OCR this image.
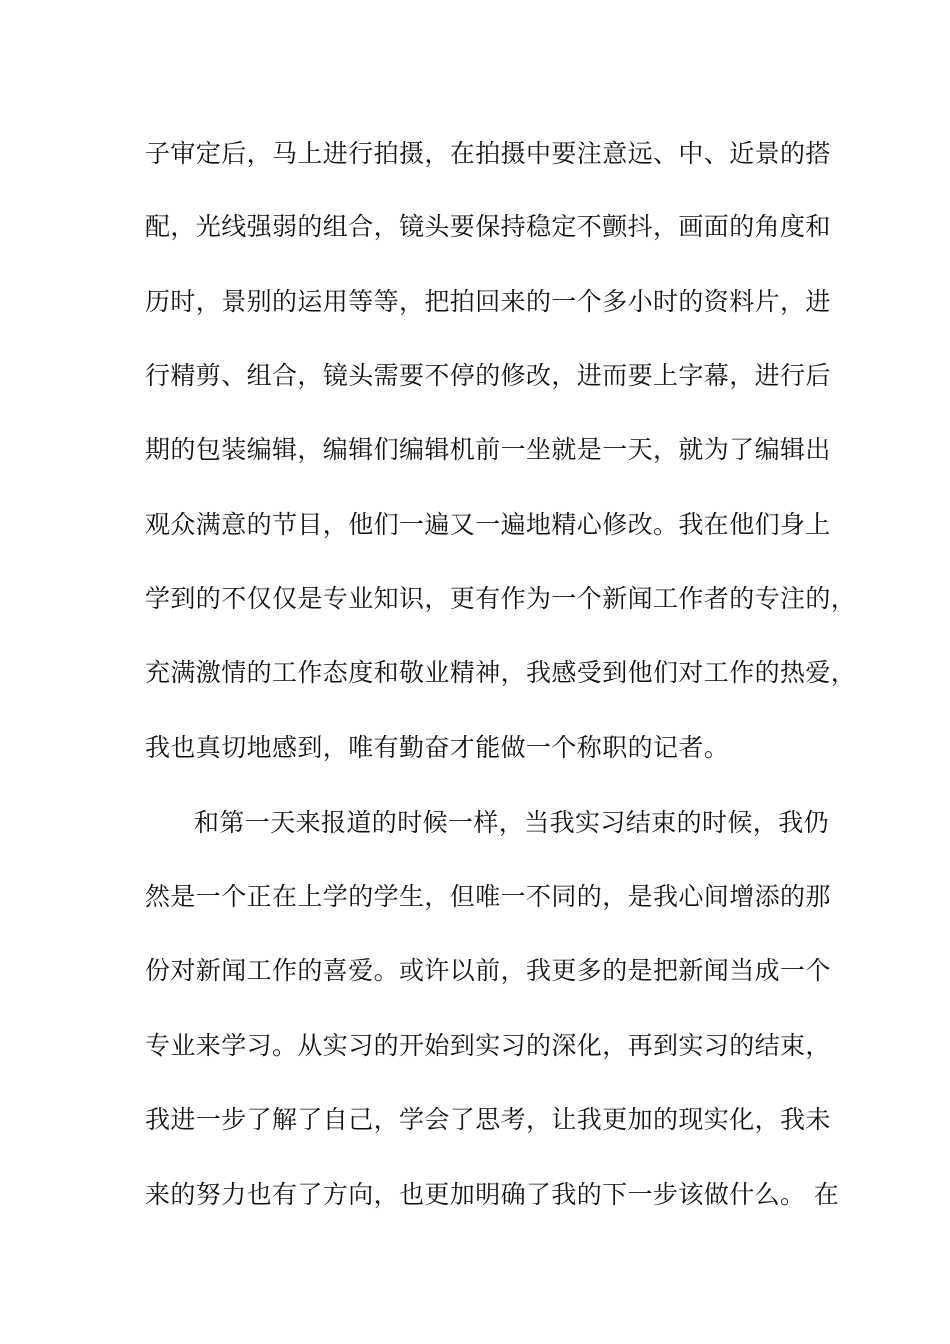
子审定后，马上进行拍摄，在拍摄中要注意远、中、近景的搭
配，光线强弱的组合，镜头要保持稳定不颤抖，画面的角度和
历时，景别的运用等等，把拍回来的一个多小时的资料片，进
行精剪、组合，镜头需要不停的修改，进而要上字幕，进行后
期的包装编辑，编辑们编辑机前一坐就是一天，就为了编辑出
观众满意的节目，他们一遍又一遍地精心修改。我在他们身上
学到的不仅仅是专业知识，更有作为一个新闻工作者的专注的，
充满激情的工作态度和敬业精神，我感受到他们对工作的热爱，
我也真切地感到，唯有勤奋才能做一个称职的记者。
和第一天来报道的时候一样，当我实习结束的时候，我仍
然是一个正在上学的学生，但唯一不同的，是我心间增添的那
份对新闻工作的喜爱。或许以前，我更多的是把新闻当成一个
专业来学习。从实习的开始到实习的深化，再到实习的结束，
我进一步了解了自己，学会了思考，让我更加的现实化，我未
来的努力也有了方向，也更加明确了我的下一步该做什么。 在
